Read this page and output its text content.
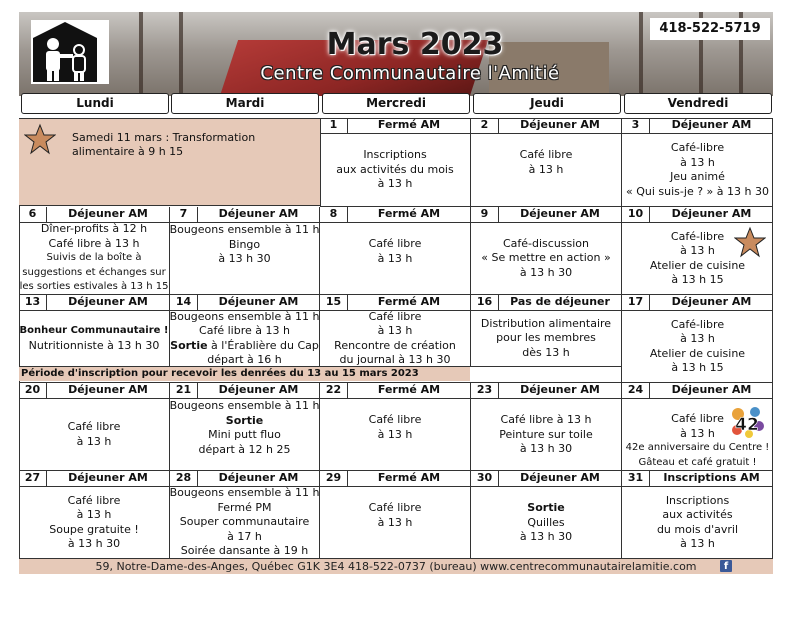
Mars 2023
Centre Communautaire l'Amitié
418-522-5719
Lundi	Mardi	Mercredi	Jeudi	Vendredi
Samedi 11 mars : Transformation
alimentaire à 9 h 15
1	Fermé AM
Inscriptions
aux activités du mois
à 13 h
2	Déjeuner AM
Café libre
à 13 h
3	Déjeuner AM
Café-libre
à 13 h
Jeu animé
« Qui suis-je ? » à 13 h 30
6	Déjeuner AM
Dîner-profits à 12 h
Café libre à 13 h
Suivis de la boîte à
suggestions et échanges sur
les sorties estivales à 13 h 15
7	Déjeuner AM
Bougeons ensemble à 11 h
Bingo
à 13 h 30
8	Fermé AM
Café libre
à 13 h
9	Déjeuner AM
Café-discussion
« Se mettre en action »
à 13 h 30
10	Déjeuner AM
Café-libre
à 13 h
Atelier de cuisine
à 13 h 15
13	Déjeuner AM
Bonheur Communautaire !
Nutritionniste à 13 h 30
14	Déjeuner AM
Bougeons ensemble à 11 h
Café libre à 13 h
Sortie à l'Érablière du Cap
départ à 16 h
15	Fermé AM
Café libre
à 13 h
Rencontre de création
du journal à 13 h 30
16	Pas de déjeuner
Distribution alimentaire
pour les membres
dès 13 h
17	Déjeuner AM
Café-libre
à 13 h
Atelier de cuisine
à 13 h 15
Période d'inscription pour recevoir les denrées du 13 au 15 mars 2023
20	Déjeuner AM
Café libre
à 13 h
21	Déjeuner AM
Bougeons ensemble à 11 h
Sortie
Mini putt fluo
départ à 12 h 25
22	Fermé AM
Café libre
à 13 h
23	Déjeuner AM
Café libre à 13 h
Peinture sur toile
à 13 h 30
24	Déjeuner AM
Café libre
à 13 h
42e anniversaire du Centre !
Gâteau et café gratuit !
42
27	Déjeuner AM
Café libre
à 13 h
Soupe gratuite !
à 13 h 30
28	Déjeuner AM
Bougeons ensemble à 11 h
Fermé PM
Souper communautaire
à 17 h
Soirée dansante à 19 h
29	Fermé AM
Café libre
à 13 h
30	Déjeuner AM
Sortie
Quilles
à 13 h 30
31	Inscriptions AM
Inscriptions
aux activités
du mois d'avril
à 13 h
59, Notre-Dame-des-Anges, Québec G1K 3E4 418-522-0737 (bureau) www.centrecommunautairelamitie.com	f
